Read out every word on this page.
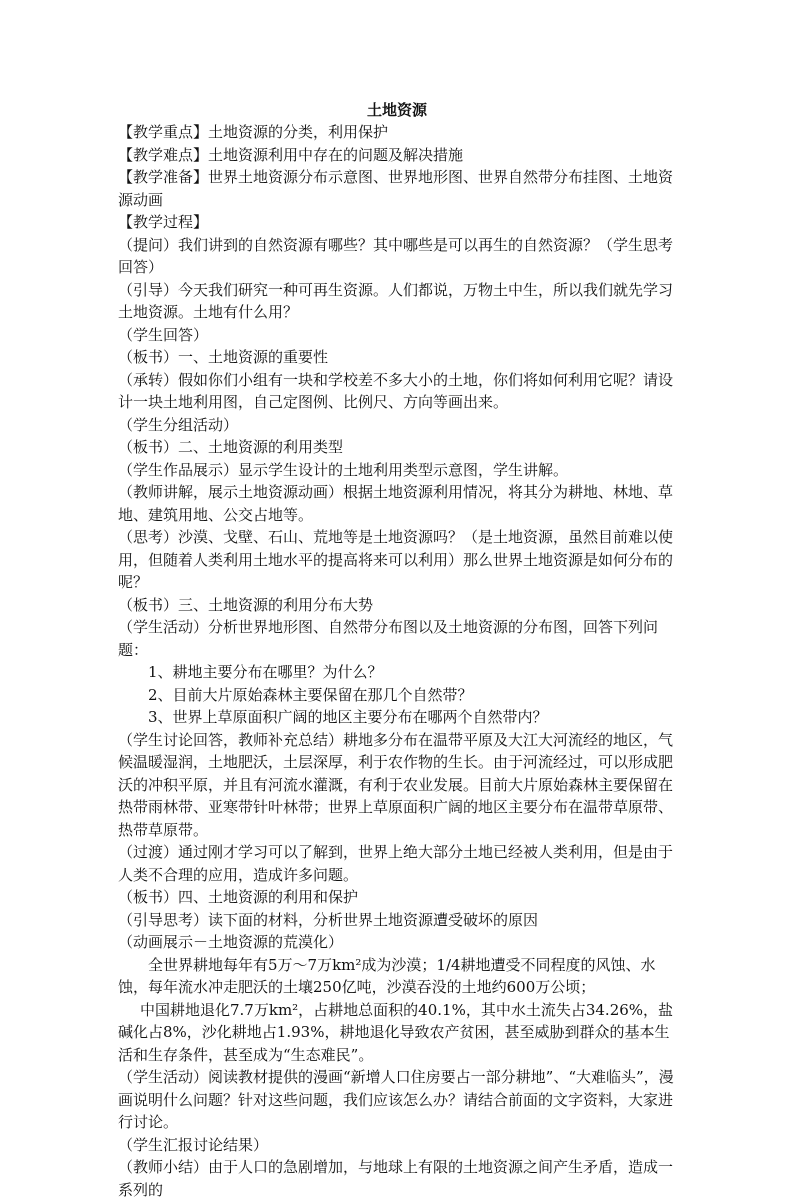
土地资源

【教学重点】土地资源的分类，利用保护

【教学难点】土地资源利用中存在的问题及解决措施

【教学准备】世界土地资源分布示意图、世界地形图、世界自然带分布挂图、土地资源动画

【教学过程】

（提问）我们讲到的自然资源有哪些？其中哪些是可以再生的自然资源？（学生思考回答）

（引导）今天我们研究一种可再生资源。人们都说，万物土中生，所以我们就先学习土地资源。土地有什么用？

（学生回答）

（板书）一、土地资源的重要性

（承转）假如你们小组有一块和学校差不多大小的土地，你们将如何利用它呢？请设计一块土地利用图，自己定图例、比例尺、方向等画出来。

（学生分组活动）

（板书）二、土地资源的利用类型

（学生作品展示）显示学生设计的土地利用类型示意图，学生讲解。

（教师讲解，展示土地资源动画）根据土地资源利用情况，将其分为耕地、林地、草地、建筑用地、公交占地等。

（思考）沙漠、戈壁、石山、荒地等是土地资源吗？（是土地资源，虽然目前难以使用，但随着人类利用土地水平的提高将来可以利用）那么世界土地资源是如何分布的呢？

（板书）三、土地资源的利用分布大势

（学生活动）分析世界地形图、自然带分布图以及土地资源的分布图，回答下列问题：

1、耕地主要分布在哪里？为什么？

2、目前大片原始森林主要保留在那几个自然带？

3、世界上草原面积广阔的地区主要分布在哪两个自然带内？

（学生讨论回答，教师补充总结）耕地多分布在温带平原及大江大河流经的地区，气候温暖湿润，土地肥沃，土层深厚，利于农作物的生长。由于河流经过，可以形成肥沃的冲积平原，并且有河流水灌溉，有利于农业发展。目前大片原始森林主要保留在热带雨林带、亚寒带针叶林带；世界上草原面积广阔的地区主要分布在温带草原带、热带草原带。

（过渡）通过刚才学习可以了解到，世界上绝大部分土地已经被人类利用，但是由于人类不合理的应用，造成许多问题。

（板书）四、土地资源的利用和保护

（引导思考）读下面的材料，分析世界土地资源遭受破坏的原因

（动画展示－土地资源的荒漠化）

全世界耕地每年有5万～7万km²成为沙漠；1/4耕地遭受不同程度的风蚀、水蚀，每年流水冲走肥沃的土壤250亿吨，沙漠吞没的土地约600万公顷；

中国耕地退化7.7万km²，占耕地总面积的40.1%，其中水土流失占34.26%，盐碱化占8%，沙化耕地占1.93%，耕地退化导致农产贫困，甚至威胁到群众的基本生活和生存条件，甚至成为“生态难民”。

（学生活动）阅读教材提供的漫画“新增人口住房要占一部分耕地”、“大难临头”，漫画说明什么问题？针对这些问题，我们应该怎么办？请结合前面的文字资料，大家进行讨论。

（学生汇报讨论结果）

（教师小结）由于人口的急剧增加，与地球上有限的土地资源之间产生矛盾，造成一系列的
